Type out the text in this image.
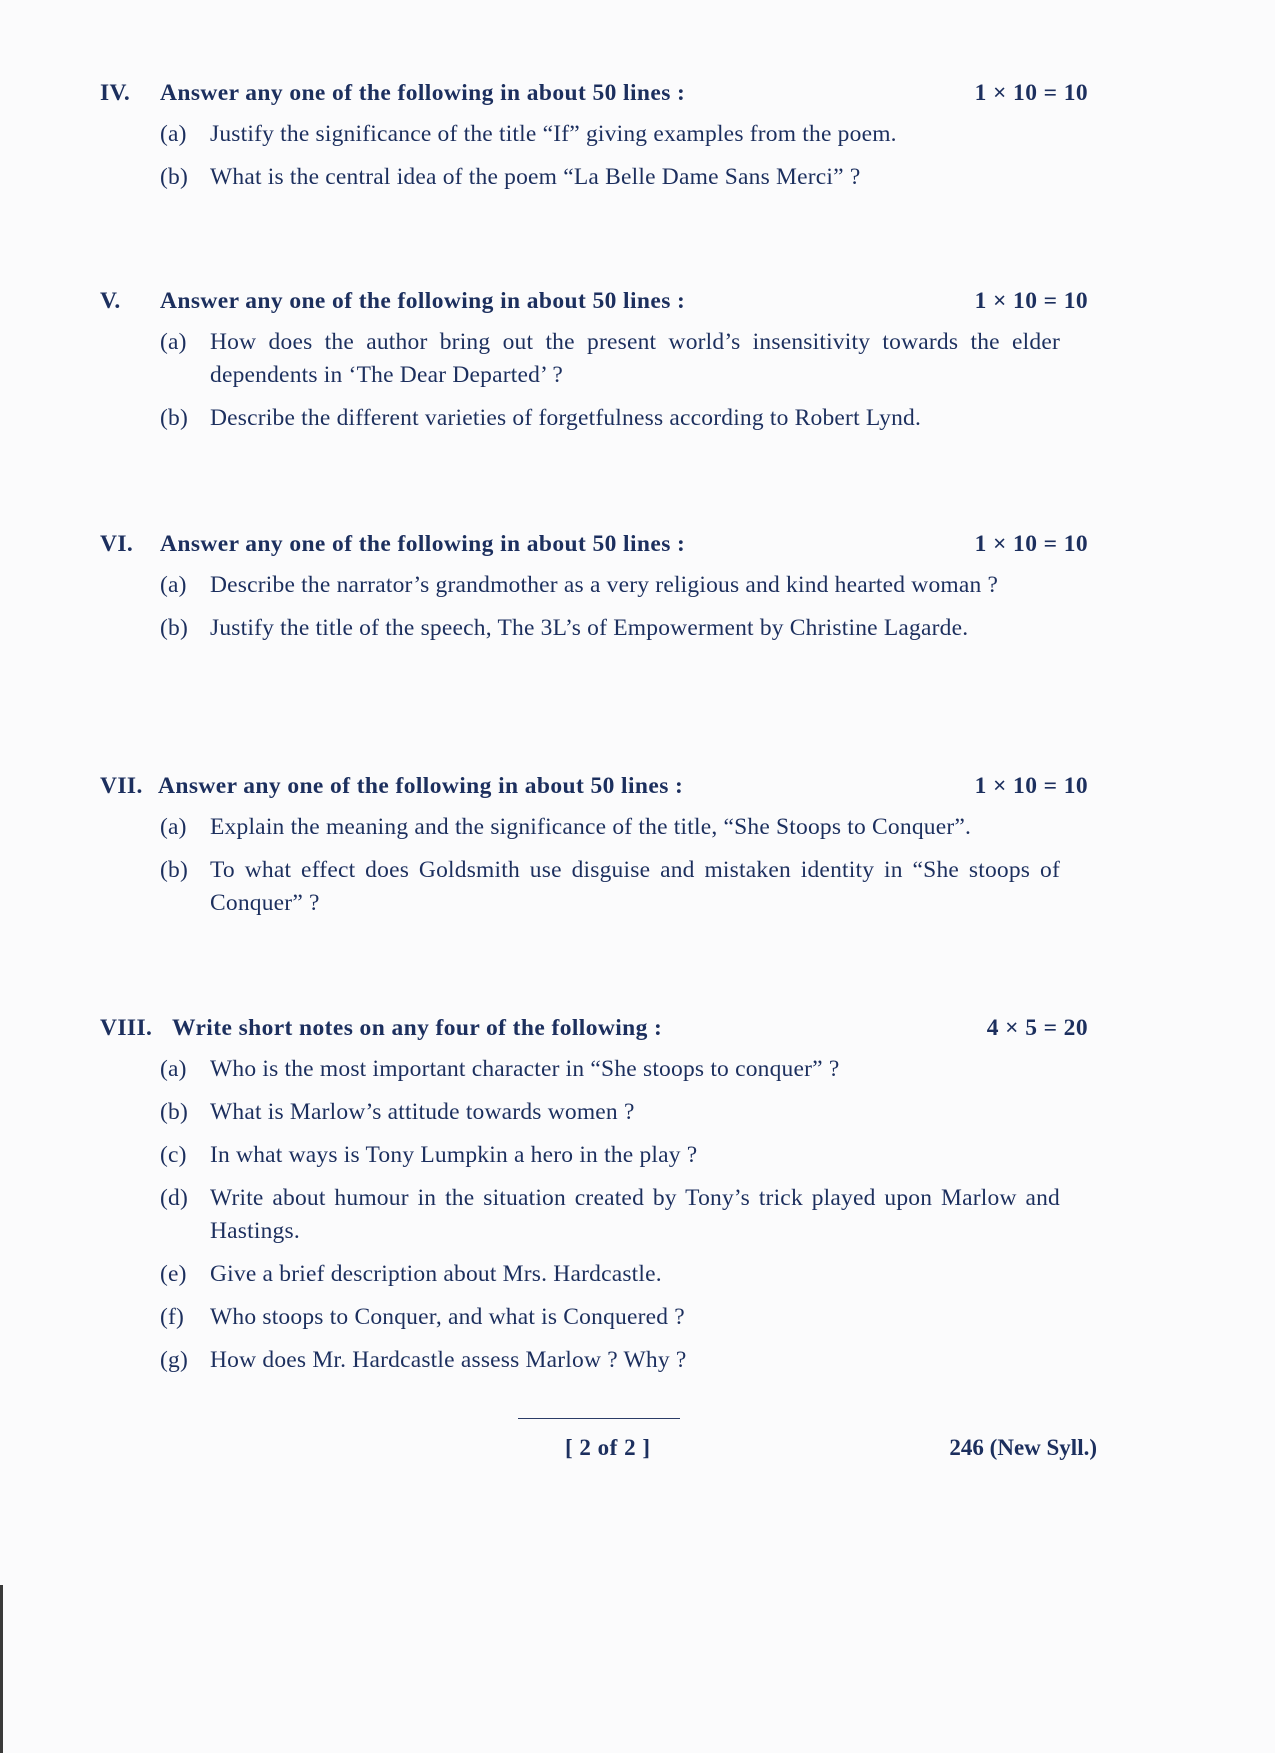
IV. Answer any one of the following in about 50 lines :	1 × 10 = 10
(a) Justify the significance of the title “If” giving examples from the poem.
(b) What is the central idea of the poem “La Belle Dame Sans Merci” ?
V. Answer any one of the following in about 50 lines :	1 × 10 = 10
(a) How does the author bring out the present world’s insensitivity towards the elder dependents in ‘The Dear Departed’ ?
(b) Describe the different varieties of forgetfulness according to Robert Lynd.
VI. Answer any one of the following in about 50 lines :	1 × 10 = 10
(a) Describe the narrator’s grandmother as a very religious and kind hearted woman ?
(b) Justify the title of the speech, The 3L’s of Empowerment by Christine Lagarde.
VII. Answer any one of the following in about 50 lines :	1 × 10 = 10
(a) Explain the meaning and the significance of the title, “She Stoops to Conquer”.
(b) To what effect does Goldsmith use disguise and mistaken identity in “She stoops of Conquer” ?
VIII. Write short notes on any four of the following :	4 × 5 = 20
(a) Who is the most important character in “She stoops to conquer” ?
(b) What is Marlow’s attitude towards women ?
(c) In what ways is Tony Lumpkin a hero in the play ?
(d) Write about humour in the situation created by Tony’s trick played upon Marlow and Hastings.
(e) Give a brief description about Mrs. Hardcastle.
(f) Who stoops to Conquer, and what is Conquered ?
(g) How does Mr. Hardcastle assess Marlow ? Why ?
[ 2 of 2 ]	246 (New Syll.)
